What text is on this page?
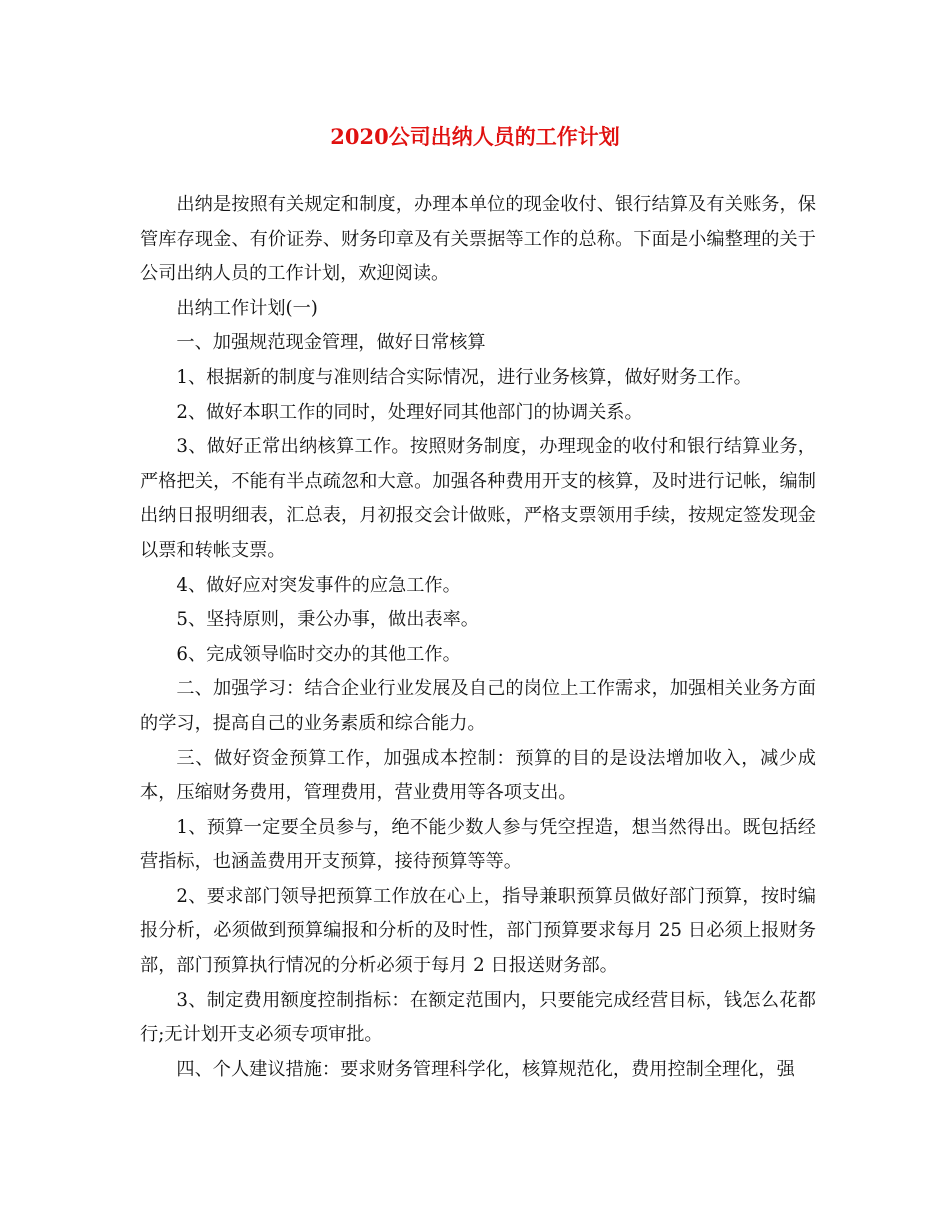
2020公司出纳人员的工作计划

出纳是按照有关规定和制度，办理本单位的现金收付、银行结算及有关账务，保管库存现金、有价证券、财务印章及有关票据等工作的总称。下面是小编整理的关于公司出纳人员的工作计划，欢迎阅读。

出纳工作计划(一)

一、加强规范现金管理，做好日常核算

1、根据新的制度与准则结合实际情况，进行业务核算，做好财务工作。

2、做好本职工作的同时，处理好同其他部门的协调关系。

3、做好正常出纳核算工作。按照财务制度，办理现金的收付和银行结算业务，严格把关，不能有半点疏忽和大意。加强各种费用开支的核算，及时进行记帐，编制出纳日报明细表，汇总表，月初报交会计做账，严格支票领用手续，按规定签发现金以票和转帐支票。

4、做好应对突发事件的应急工作。

5、坚持原则，秉公办事，做出表率。

6、完成领导临时交办的其他工作。

二、加强学习：结合企业行业发展及自己的岗位上工作需求，加强相关业务方面的学习，提高自己的业务素质和综合能力。

三、做好资金预算工作，加强成本控制：预算的目的是设法增加收入，减少成本，压缩财务费用，管理费用，营业费用等各项支出。

1、预算一定要全员参与，绝不能少数人参与凭空捏造，想当然得出。既包括经营指标，也涵盖费用开支预算，接待预算等等。

2、要求部门领导把预算工作放在心上，指导兼职预算员做好部门预算，按时编报分析，必须做到预算编报和分析的及时性，部门预算要求每月 25 日必须上报财务部，部门预算执行情况的分析必须于每月 2 日报送财务部。

3、制定费用额度控制指标：在额定范围内，只要能完成经营目标，钱怎么花都行;无计划开支必须专项审批。

四、个人建议措施：要求财务管理科学化，核算规范化，费用控制全理化，强
